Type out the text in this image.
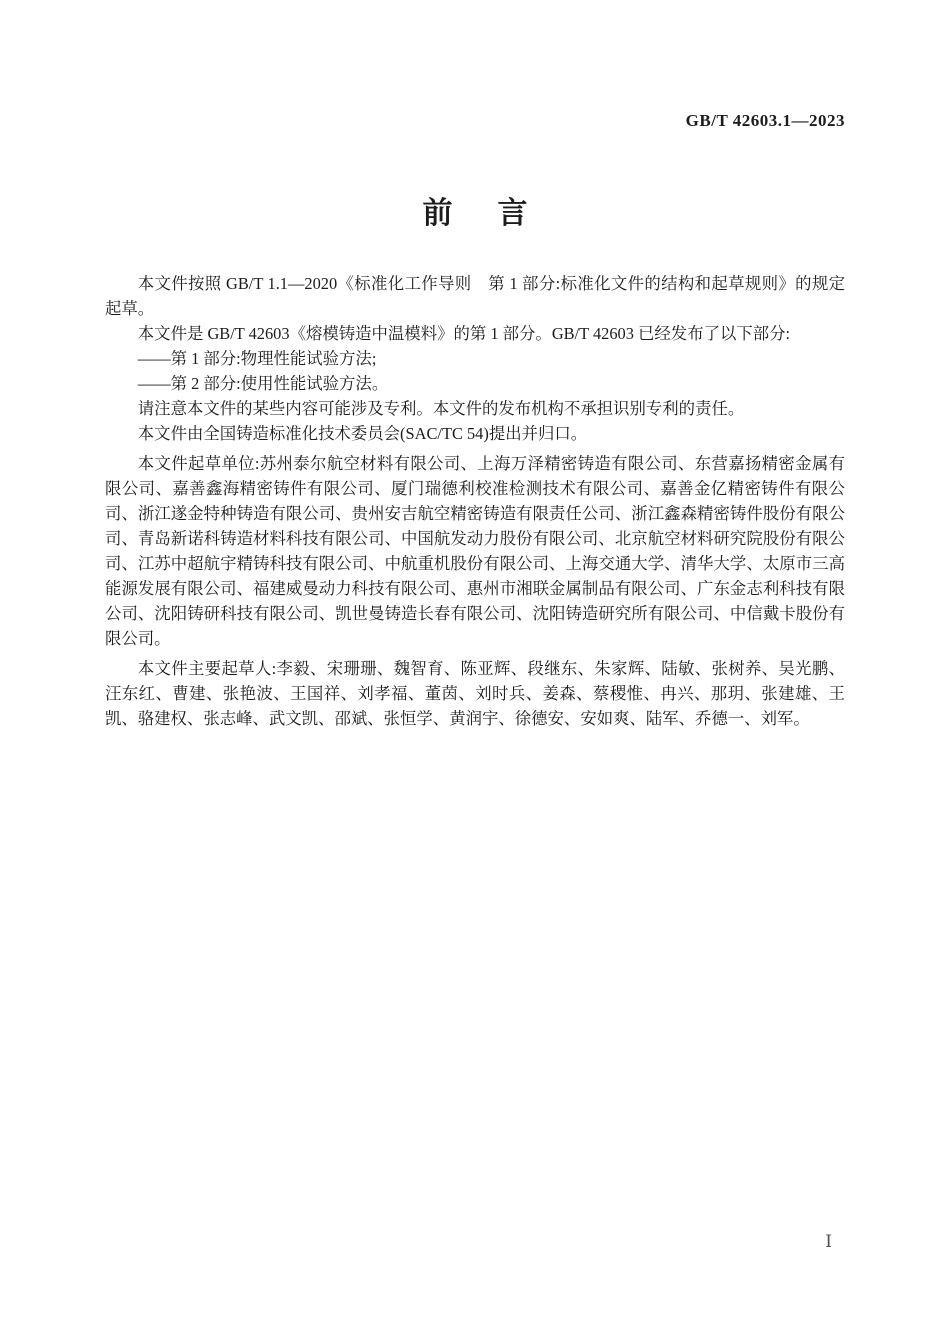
GB/T 42603.1—2023
前　言

本文件按照 GB/T 1.1—2020《标准化工作导则　第 1 部分:标准化文件的结构和起草规则》的规定起草。

本文件是 GB/T 42603《熔模铸造中温模料》的第 1 部分。GB/T 42603 已经发布了以下部分:

——第 1 部分:物理性能试验方法;

——第 2 部分:使用性能试验方法。

请注意本文件的某些内容可能涉及专利。本文件的发布机构不承担识别专利的责任。

本文件由全国铸造标准化技术委员会(SAC/TC 54)提出并归口。

本文件起草单位:苏州泰尔航空材料有限公司、上海万泽精密铸造有限公司、东营嘉扬精密金属有限公司、嘉善鑫海精密铸件有限公司、厦门瑞德利校准检测技术有限公司、嘉善金亿精密铸件有限公司、浙江遂金特种铸造有限公司、贵州安吉航空精密铸造有限责任公司、浙江鑫森精密铸件股份有限公司、青岛新诺科铸造材料科技有限公司、中国航发动力股份有限公司、北京航空材料研究院股份有限公司、江苏中超航宇精铸科技有限公司、中航重机股份有限公司、上海交通大学、清华大学、太原市三高能源发展有限公司、福建威曼动力科技有限公司、惠州市湘联金属制品有限公司、广东金志利科技有限公司、沈阳铸研科技有限公司、凯世曼铸造长春有限公司、沈阳铸造研究所有限公司、中信戴卡股份有限公司。

本文件主要起草人:李毅、宋珊珊、魏智育、陈亚辉、段继东、朱家辉、陆敏、张树养、吴光鹏、汪东红、曹建、张艳波、王国祥、刘孝福、董茵、刘时兵、姜森、蔡稷惟、冉兴、那玥、张建雄、王凯、骆建权、张志峰、武文凯、邵斌、张恒学、黄润宇、徐德安、安如爽、陆军、乔德一、刘军。

Ⅰ
